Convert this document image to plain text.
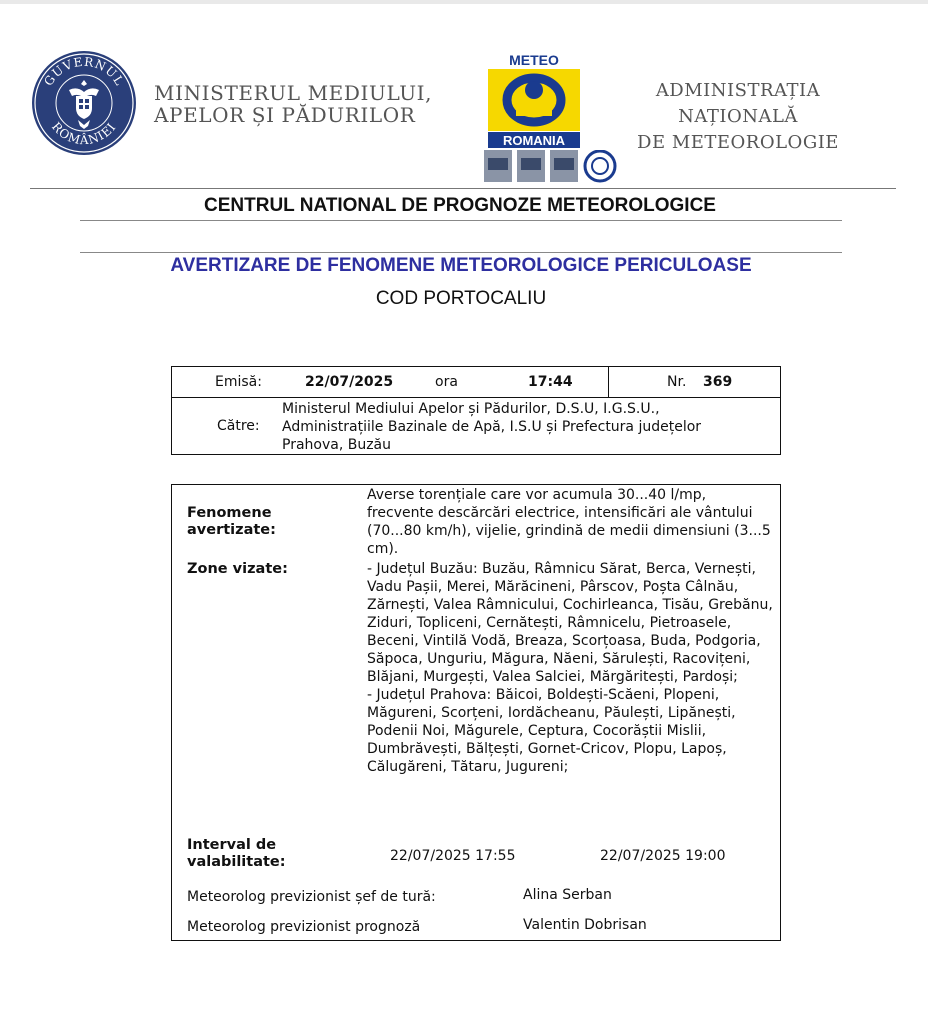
GUVERNUL
ROMÂNIEI
MINISTERUL MEDIULUI,
APELOR ȘI PĂDURILOR
METEO
ROMANIA
ADMINISTRAȚIA NAȚIONALĂ
DE METEOROLOGIE
CENTRUL NATIONAL DE PROGNOZE METEOROLOGICE
AVERTIZARE DE FENOMENE METEOROLOGICE PERICULOASE
COD PORTOCALIU
Emisă:	22/07/2025	ora	17:44	Nr. 369
Către:
Ministerul Mediului Apelor și Pădurilor, D.S.U, I.G.S.U.,
Administrațiile Bazinale de Apă, I.S.U și Prefectura județelor
Prahova, Buzău
Fenomene
avertizate:
Averse torențiale care vor acumula 30...40 l/mp, frecvente descărcări electrice, intensificări ale vântului (70...80 km/h), vijelie, grindină de medii dimensiuni (3...5 cm).
Zone vizate:	- Județul Buzău: Buzău, Râmnicu Sărat, Berca, Vernești, Vadu Pașii, Merei, Mărăcineni, Pârscov, Poșta Câlnău, Zărnești, Valea Râmnicului, Cochirleanca, Tisău, Grebănu, Ziduri, Topliceni, Cernătești, Râmnicelu, Pietroasele, Beceni, Vintilă Vodă, Breaza, Scorțoasa, Buda, Podgoria, Săpoca, Unguriu, Măgura, Năeni, Sărulești, Racovițeni, Blăjani, Murgești, Valea Salciei, Mărgăritești, Pardoși;

- Județul Prahova: Băicoi, Boldești-Scăeni, Plopeni, Măgureni, Scorțeni, Iordăcheanu, Păulești, Lipănești, Podenii Noi, Măgurele, Ceptura, Cocorăștii Mislii, Dumbrăvești, Bălțești, Gornet-Cricov, Plopu, Lapoș, Călugăreni, Tătaru, Jugureni;

Interval de
valabilitate:	22/07/2025 17:55	22/07/2025 19:00
Meteorolog previzionist șef de tură:	Alina Serban
Meteorolog previzionist prognoză	Valentin Dobrisan
